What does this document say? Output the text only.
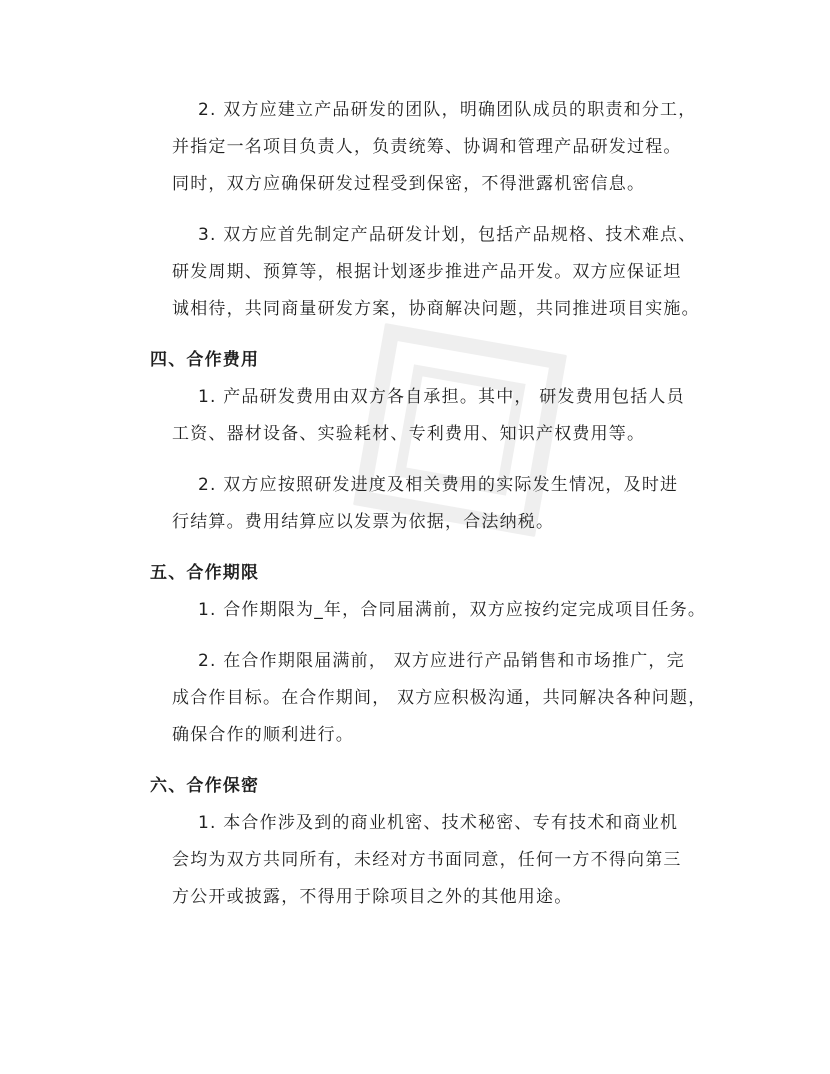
2. 双方应建立产品研发的团队，明确团队成员的职责和分工，
并指定一名项目负责人，负责统筹、协调和管理产品研发过程。
同时，双方应确保研发过程受到保密，不得泄露机密信息。
3. 双方应首先制定产品研发计划，包括产品规格、技术难点、
研发周期、预算等，根据计划逐步推进产品开发。双方应保证坦
诚相待，共同商量研发方案，协商解决问题，共同推进项目实施。
四、合作费用
1. 产品研发费用由双方各自承担。其中， 研发费用包括人员
工资、器材设备、实验耗材、专利费用、知识产权费用等。
2. 双方应按照研发进度及相关费用的实际发生情况，及时进
行结算。费用结算应以发票为依据，合法纳税。
五、合作期限
1. 合作期限为_年，合同届满前，双方应按约定完成项目任务。
2. 在合作期限届满前， 双方应进行产品销售和市场推广，完
成合作目标。在合作期间， 双方应积极沟通，共同解决各种问题，
确保合作的顺利进行。
六、合作保密
1. 本合作涉及到的商业机密、技术秘密、专有技术和商业机
会均为双方共同所有，未经对方书面同意，任何一方不得向第三
方公开或披露，不得用于除项目之外的其他用途。
